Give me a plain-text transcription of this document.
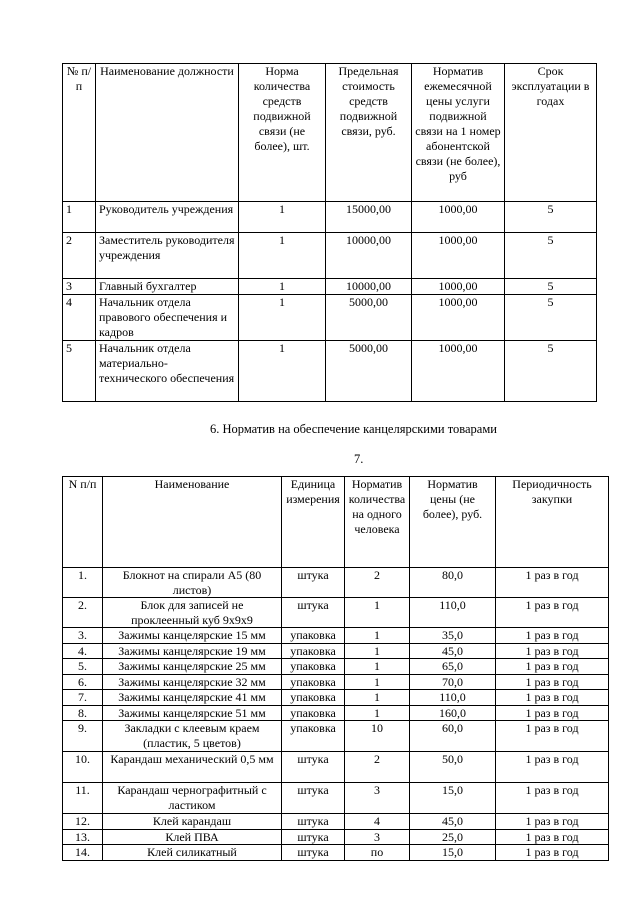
№ п/п	Наименование должности	Норма количества средств подвижной связи (не более), шт.	Предельная стоимость средств подвижной связи, руб.	Норматив ежемесячной цены услуги подвижной связи на 1 номер абонентской связи (не более), руб	Срок эксплуатации в годах
1	Руководитель учреждения	1	15000,00	1000,00	5
2	Заместитель руководителя учреждения	1	10000,00	1000,00	5
3	Главный бухгалтер	1	10000,00	1000,00	5
4	Начальник отдела правового обеспечения и кадров	1	5000,00	1000,00	5
5	Начальник отдела материально-технического обеспечения	1	5000,00	1000,00	5
6. Норматив на обеспечение канцелярскими товарами
7.
N п/п	Наименование	Единица измерения	Норматив количества на одного человека	Норматив цены (не более), руб.	Периодичность закупки
1.	Блокнот на спирали А5 (80 листов)	штука	2	80,0	1 раз в год
2.	Блок для записей не проклеенный куб 9х9х9	штука	1	110,0	1 раз в год
3.	Зажимы канцелярские 15 мм	упаковка	1	35,0	1 раз в год
4.	Зажимы канцелярские 19 мм	упаковка	1	45,0	1 раз в год
5.	Зажимы канцелярские 25 мм	упаковка	1	65,0	1 раз в год
6.	Зажимы канцелярские 32 мм	упаковка	1	70,0	1 раз в год
7.	Зажимы канцелярские 41 мм	упаковка	1	110,0	1 раз в год
8.	Зажимы канцелярские 51 мм	упаковка	1	160,0	1 раз в год
9.	Закладки с клеевым краем (пластик, 5 цветов)	упаковка	10	60,0	1 раз в год
10.	Карандаш механический 0,5 мм	штука	2	50,0	1 раз в год
11.	Карандаш чернографитный с ластиком	штука	3	15,0	1 раз в год
12.	Клей карандаш	штука	4	45,0	1 раз в год
13.	Клей ПВА	штука	3	25,0	1 раз в год
14.	Клей силикатный	штука	по	15,0	1 раз в год
